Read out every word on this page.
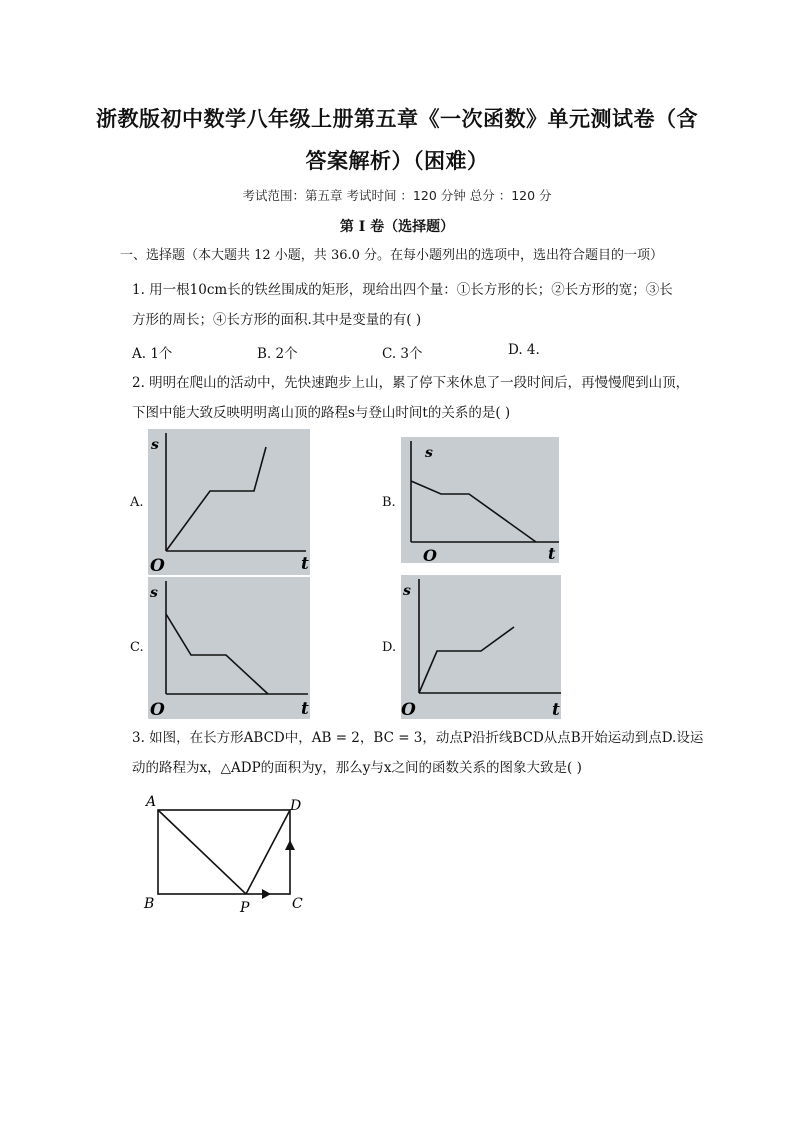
浙教版初中数学八年级上册第五章《一次函数》单元测试卷（含
答案解析）（困难）
考试范围：第五章 考试时间 ：120 分钟 总分 ：120 分
第 I 卷（选择题）
一、选择题（本大题共 12 小题，共 36.0 分。在每小题列出的选项中，选出符合题目的一项）
1. 用一根10cm长的铁丝围成的矩形，现给出四个量：①长方形的长；②长方形的宽；③长
方形的周长；④长方形的面积.其中是变量的有( )
A. 1个	B. 2个	C. 3个	D. 4.
2. 明明在爬山的活动中，先快速跑步上山，累了停下来休息了一段时间后，再慢慢爬到山顶，
下图中能大致反映明明离山顶的路程s与登山时间t的关系的是( )
A.	B.
C.	D.
s
t
O
s
t
O
s
t
O
s
t
O
3. 如图，在长方形ABCD中，AB = 2，BC = 3，动点P沿折线BCD从点B开始运动到点D.设运
动的路程为x，△ADP的面积为y，那么y与x之间的函数关系的图象大致是( )
A
B	C
D
P
